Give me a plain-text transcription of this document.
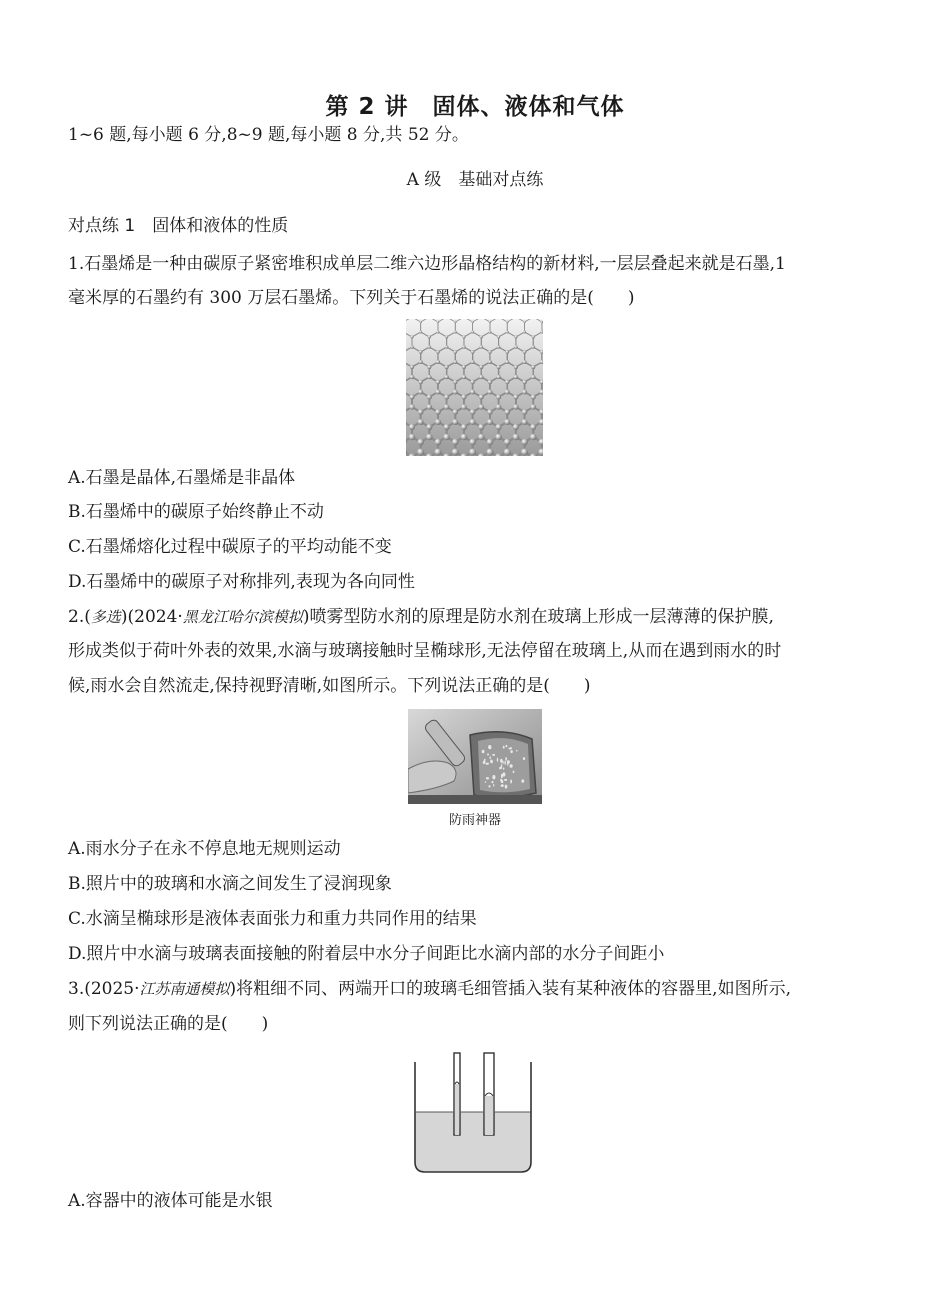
第 2 讲　固体、液体和气体
1~6 题,每小题 6 分,8~9 题,每小题 8 分,共 52 分。
A 级　基础对点练
对点练 1　固体和液体的性质
1.石墨烯是一种由碳原子紧密堆积成单层二维六边形晶格结构的新材料,一层层叠起来就是石墨,1
毫米厚的石墨约有 300 万层石墨烯。下列关于石墨烯的说法正确的是(　　)
A.石墨是晶体,石墨烯是非晶体
B.石墨烯中的碳原子始终静止不动
C.石墨烯熔化过程中碳原子的平均动能不变
D.石墨烯中的碳原子对称排列,表现为各向同性
2.(多选)(2024·黑龙江哈尔滨模拟)喷雾型防水剂的原理是防水剂在玻璃上形成一层薄薄的保护膜,
形成类似于荷叶外表的效果,水滴与玻璃接触时呈椭球形,无法停留在玻璃上,从而在遇到雨水的时
候,雨水会自然流走,保持视野清晰,如图所示。下列说法正确的是(　　)
防雨神器
A.雨水分子在永不停息地无规则运动
B.照片中的玻璃和水滴之间发生了浸润现象
C.水滴呈椭球形是液体表面张力和重力共同作用的结果
D.照片中水滴与玻璃表面接触的附着层中水分子间距比水滴内部的水分子间距小
3.(2025·江苏南通模拟)将粗细不同、两端开口的玻璃毛细管插入装有某种液体的容器里,如图所示,
则下列说法正确的是(　　)
A.容器中的液体可能是水银
